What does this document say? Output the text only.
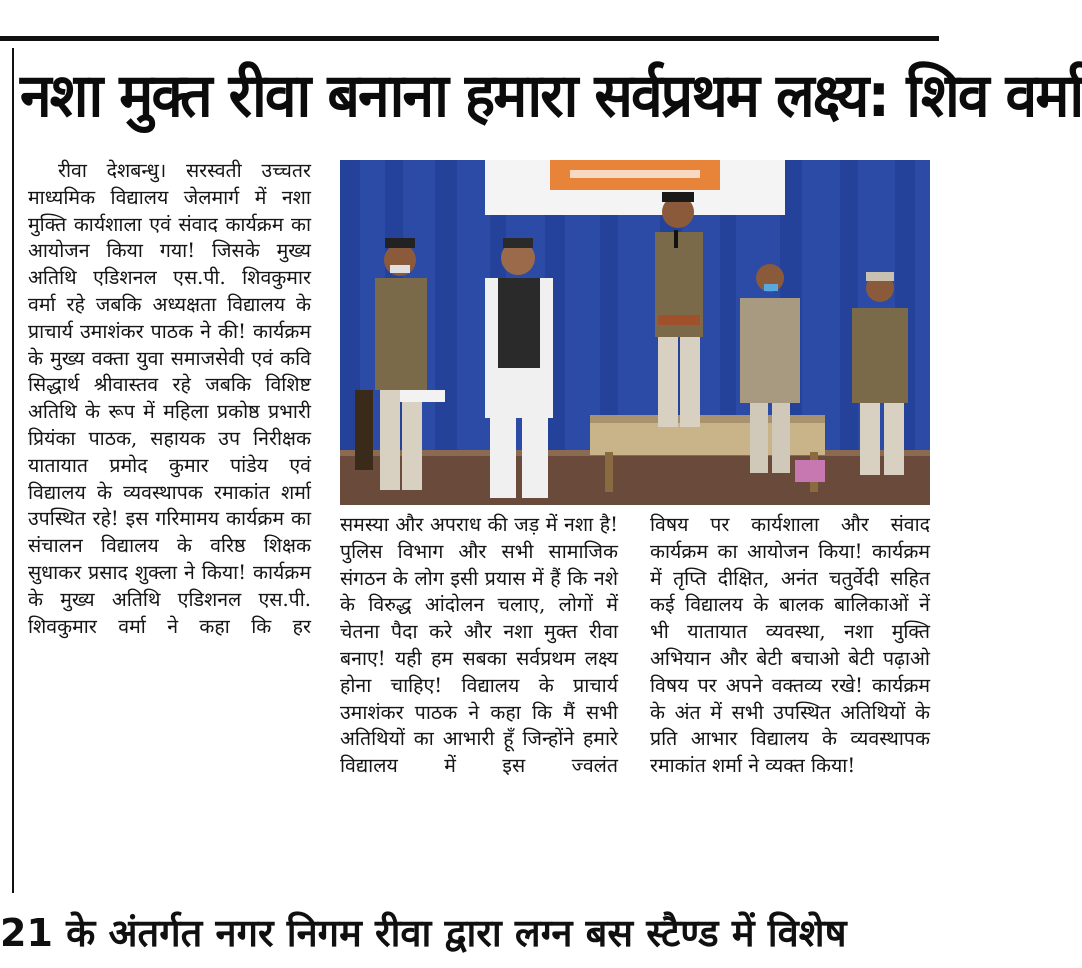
नशा मुक्त रीवा बनाना हमारा सर्वप्रथम लक्ष्य: शिव वर्मा
रीवा देशबन्धु। सरस्वती उच्चतर माध्यमिक विद्यालय जेलमार्ग में नशा मुक्ति कार्यशाला एवं संवाद कार्यक्रम का आयोजन किया गया! जिसके मुख्य अतिथि एडिशनल एस.पी. शिवकुमार वर्मा रहे जबकि अध्यक्षता विद्यालय के प्राचार्य उमाशंकर पाठक ने की! कार्यक्रम के मुख्य वक्ता युवा समाजसेवी एवं कवि सिद्धार्थ श्रीवास्तव रहे जबकि विशिष्ट अतिथि के रूप में महिला प्रकोष्ठ प्रभारी प्रियंका पाठक, सहायक उप निरीक्षक यातायात प्रमोद कुमार पांडेय एवं विद्यालय के व्यवस्थापक रमाकांत शर्मा उपस्थित रहे! इस गरिमामय कार्यक्रम का संचालन विद्यालय के वरिष्ठ शिक्षक सुधाकर प्रसाद शुक्ला ने किया! कार्यक्रम के मुख्य अतिथि एडिशनल एस.पी. शिवकुमार वर्मा ने कहा कि हर
समस्या और अपराध की जड़ में नशा है! पुलिस विभाग और सभी सामाजिक संगठन के लोग इसी प्रयास में हैं कि नशे के विरुद्ध आंदोलन चलाए, लोगों में चेतना पैदा करे और नशा मुक्त रीवा बनाए! यही हम सबका सर्वप्रथम लक्ष्य होना चाहिए! विद्यालय के प्राचार्य उमाशंकर पाठक ने कहा कि मैं सभी अतिथियों का आभारी हूँ जिन्होंने हमारे विद्यालय में इस ज्वलंत
विषय पर कार्यशाला और संवाद कार्यक्रम का आयोजन किया! कार्यक्रम में तृप्ति दीक्षित, अनंत चतुर्वेदी सहित कई विद्यालय के बालक बालिकाओं नें भी यातायात व्यवस्था, नशा मुक्ति अभियान और बेटी बचाओ बेटी पढ़ाओ विषय पर अपने वक्तव्य रखे! कार्यक्रम के अंत में सभी उपस्थित अतिथियों के प्रति आभार विद्यालय के व्यवस्थापक रमाकांत शर्मा ने व्यक्त किया!
21 के अंतर्गत नगर निगम रीवा द्वारा लग्न बस स्टैण्ड में विशेष
